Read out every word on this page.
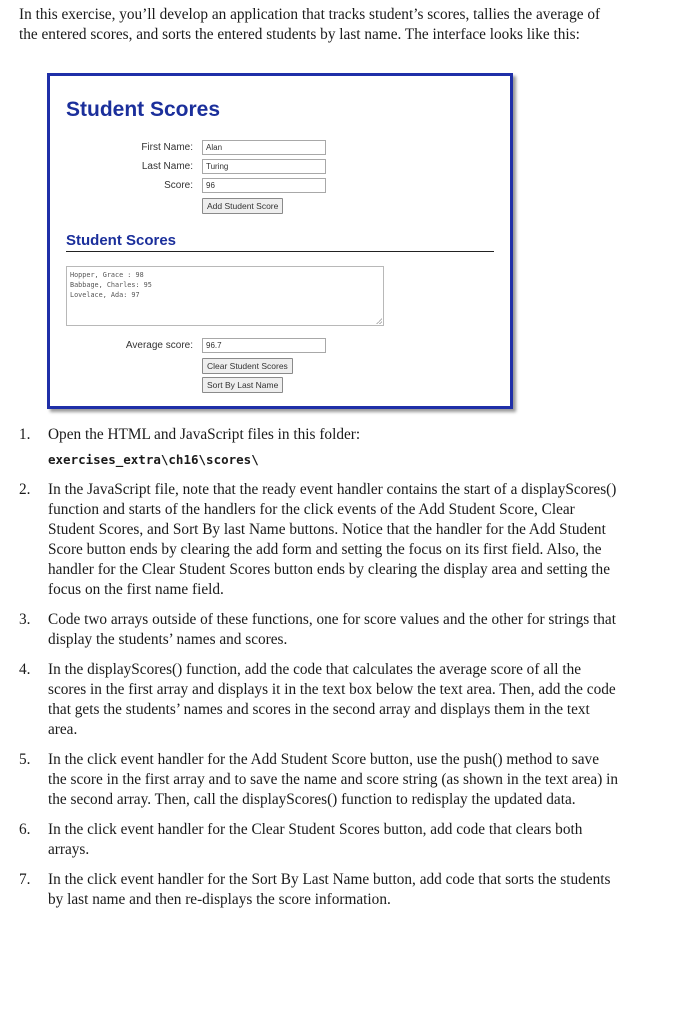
In this exercise, you’ll develop an application that tracks student’s scores, tallies the average of the entered scores, and sorts the entered students by last name. The interface looks like this:
Student Scores
First Name:	Alan
Last Name:	Turing
Score:	96
Add Student Score
Student Scores
Hopper, Grace : 98
Babbage, Charles: 95
Lovelace, Ada: 97
Average score:	96.7
Clear Student Scores
Sort By Last Name
1.	Open the HTML and JavaScript files in this folder:
exercises_extra\ch16\scores\
2.	In the JavaScript file, note that the ready event handler contains the start of a displayScores() function and starts of the handlers for the click events of the Add Student Score, Clear Student Scores, and Sort By last Name buttons. Notice that the handler for the Add Student Score button ends by clearing the add form and setting the focus on its first field. Also, the handler for the Clear Student Scores button ends by clearing the display area and setting the focus on the first name field.
3.	Code two arrays outside of these functions, one for score values and the other for strings that display the students’ names and scores.
4.	In the displayScores() function, add the code that calculates the average score of all the scores in the first array and displays it in the text box below the text area. Then, add the code that gets the students’ names and scores in the second array and displays them in the text area.
5.	In the click event handler for the Add Student Score button, use the push() method to save the score in the first array and to save the name and score string (as shown in the text area) in the second array. Then, call the displayScores() function to redisplay the updated data.
6.	In the click event handler for the Clear Student Scores button, add code that clears both arrays.
7.	In the click event handler for the Sort By Last Name button, add code that sorts the students by last name and then re-displays the score information.
